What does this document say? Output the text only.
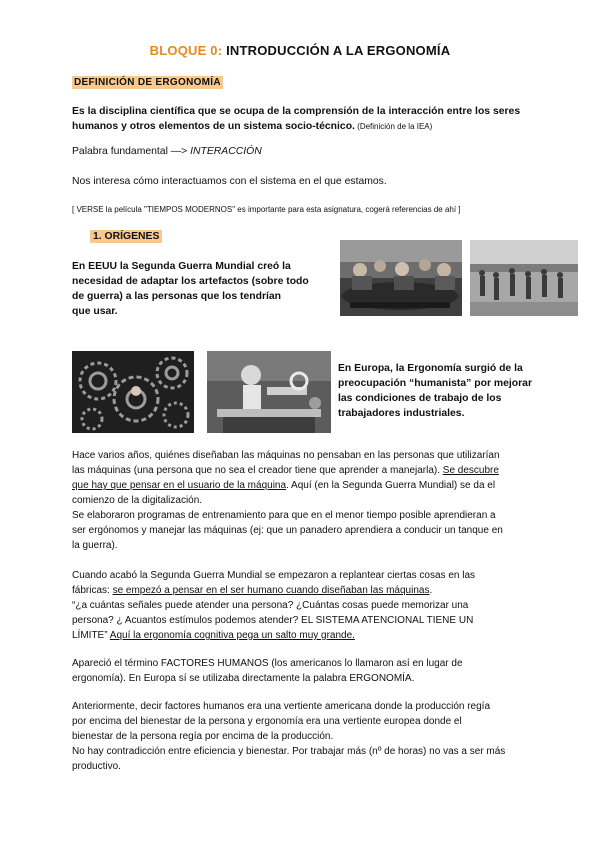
BLOQUE 0: INTRODUCCIÓN A LA ERGONOMÍA
DEFINICIÓN DE ERGONOMÍA
Es la disciplina científica que se ocupa de la comprensión de la interacción entre los seres
humanos y otros elementos de un sistema socio-técnico. (Definición de la IEA)
Palabra fundamental —> INTERACCIÓN
Nos interesa cómo interactuamos con el sistema en el que estamos.
[ VERSE la película "TIEMPOS MODERNOS" es importante para esta asignatura, cogerá referencias de ahí ]
1. ORÍGENES
En EEUU la Segunda Guerra Mundial creó la
necesidad de adaptar los artefactos (sobre todo
de guerra) a las personas que los tendrían
que usar.
En Europa, la Ergonomía surgió de la
preocupación “humanista” por mejorar
las condiciones de trabajo de los
trabajadores industriales.
Hace varios años, quiénes diseñaban las máquinas no pensaban en las personas que utilizarían
las máquinas (una persona que no sea el creador tiene que aprender a manejarla). Se descubre
que hay que pensar en el usuario de la máquina. Aquí (en la Segunda Guerra Mundial) se da el
comienzo de la digitalización.
Se elaboraron programas de entrenamiento para que en el menor tiempo posible aprendieran a
ser ergónomos y manejar las máquinas (ej: que un panadero aprendiera a conducir un tanque en
la guerra).
Cuando acabó la Segunda Guerra Mundial se empezaron a replantear ciertas cosas en las
fábricas: se empezó a pensar en el ser humano cuando diseñaban las máquinas.
“¿a cuántas señales puede atender una persona? ¿Cuántas cosas puede memorizar una
persona? ¿ Acuantos estímulos podemos atender? EL SISTEMA ATENCIONAL TIENE UN
LÍMITE” Aquí la ergonomía cognitiva pega un salto muy grande.
Apareció el término FACTORES HUMANOS (los americanos lo llamaron así en lugar de
ergonomía). En Europa sí se utilizaba directamente la palabra ERGONOMÍA.
Anteriormente, decir factores humanos era una vertiente americana donde la producción regía
por encima del bienestar de la persona y ergonomía era una vertiente europea donde el
bienestar de la persona regía por encima de la producción.
No hay contradicción entre eficiencia y bienestar. Por trabajar más (nº de horas) no vas a ser más
productivo.
